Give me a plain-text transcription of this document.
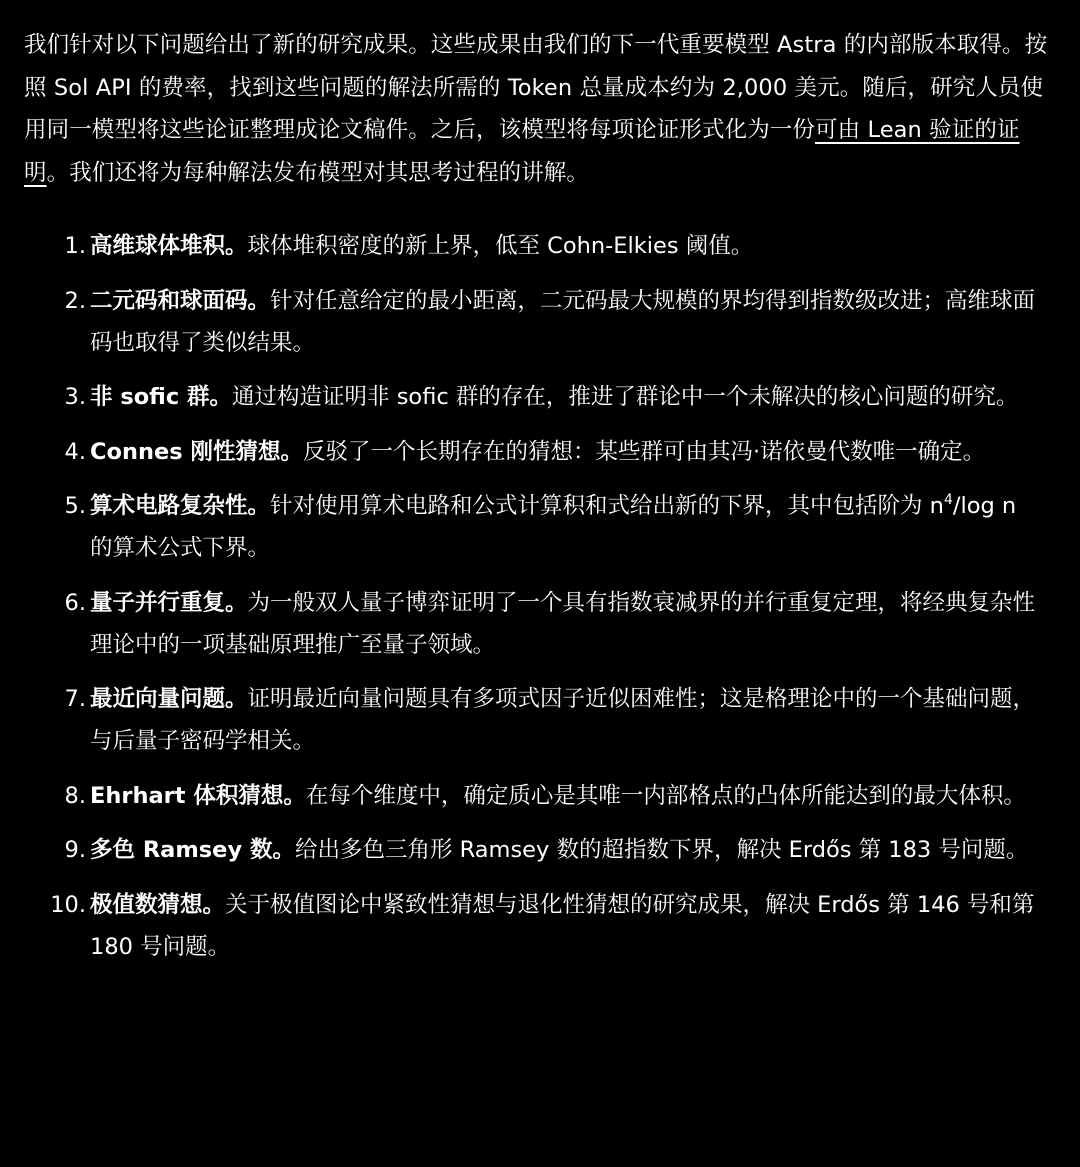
我们针对以下问题给出了新的研究成果。这些成果由我们的下一代重要模型 Astra 的内部版本取得。按照 Sol API 的费率，找到这些问题的解法所需的 Token 总量成本约为 2,000 美元。随后，研究人员使用同一模型将这些论证整理成论文稿件。之后，该模型将每项论证形式化为一份可由 Lean 验证的证明。我们还将为每种解法发布模型对其思考过程的讲解。

1. 高维球体堆积。球体堆积密度的新上界，低至 Cohn-Elkies 阈值。
2. 二元码和球面码。针对任意给定的最小距离，二元码最大规模的界均得到指数级改进；高维球面码也取得了类似结果。
3. 非 sofic 群。通过构造证明非 sofic 群的存在，推进了群论中一个未解决的核心问题的研究。
4. Connes 刚性猜想。反驳了一个长期存在的猜想：某些群可由其冯·诺依曼代数唯一确定。
5. 算术电路复杂性。针对使用算术电路和公式计算积和式给出新的下界，其中包括阶为 $n^4/\log$ n 的算术公式下界。
6. 量子并行重复。为一般双人量子博弈证明了一个具有指数衰减界的并行重复定理，将经典复杂性理论中的一项基础原理推广至量子领域。
7. 最近向量问题。证明最近向量问题具有多项式因子近似困难性；这是格理论中的一个基础问题，与后量子密码学相关。
8. Ehrhart 体积猜想。在每个维度中，确定质心是其唯一内部格点的凸体所能达到的最大体积。
9. 多色 Ramsey 数。给出多色三角形 Ramsey 数的超指数下界，解决 Erdős 第 183 号问题。
10. 极值数猜想。关于极值图论中紧致性猜想与退化性猜想的研究成果，解决 Erdős 第 146 号和第 180 号问题。
